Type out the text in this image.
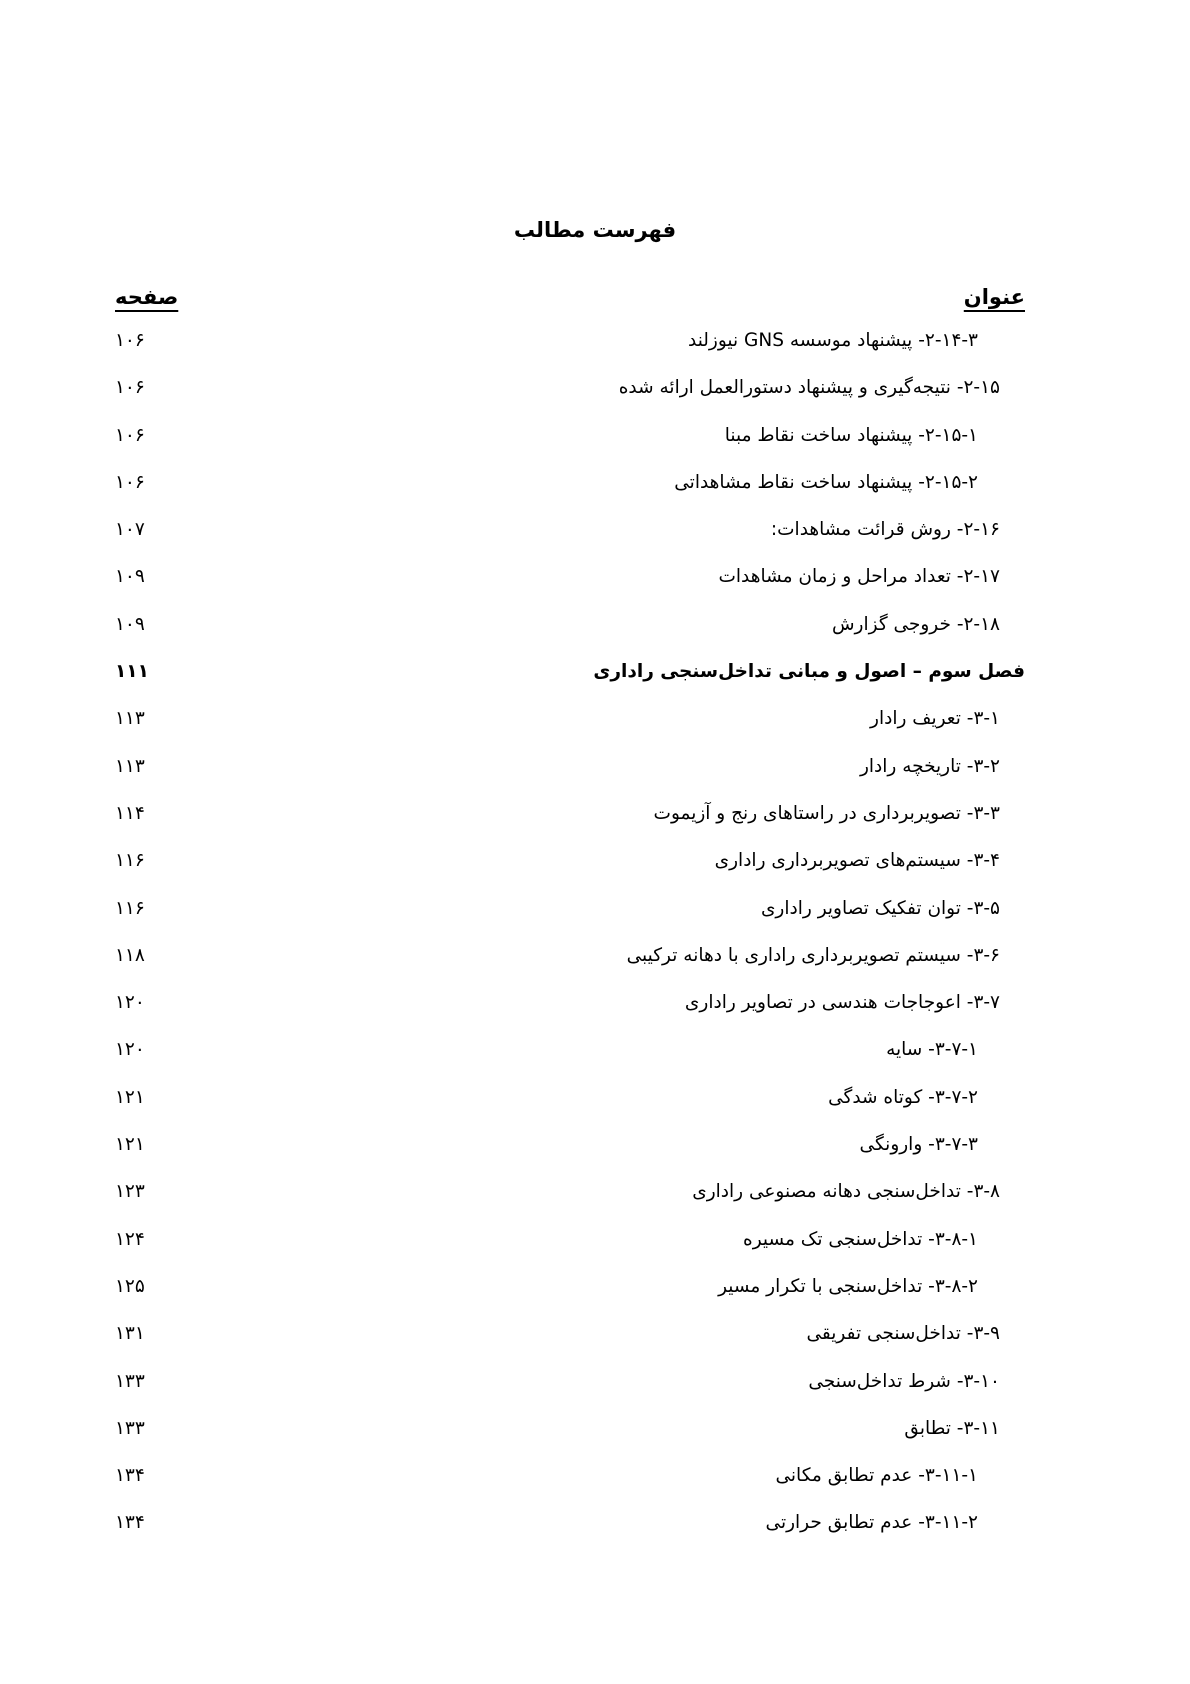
فهرست مطالب
عنوان
صفحه
۲-۱۴-۳- پیشنهاد موسسه GNS نیوزلند
۱۰۶
۲-۱۵- نتیجه‌گیری و پیشنهاد دستورالعمل ارائه شده
۱۰۶
۲-۱۵-۱- پیشنهاد ساخت نقاط مبنا
۱۰۶
۲-۱۵-۲- پیشنهاد ساخت نقاط مشاهداتی
۱۰۶
۲-۱۶- روش قرائت مشاهدات:
۱۰۷
۲-۱۷- تعداد مراحل و زمان مشاهدات
۱۰۹
۲-۱۸- خروجی گزارش
۱۰۹
فصل سوم – اصول و مبانی تداخل‌سنجی راداری
۱۱۱
۳-۱- تعریف رادار
۱۱۳
۳-۲- تاریخچه رادار
۱۱۳
۳-۳- تصویربرداری در راستاهای رنج و آزیموت
۱۱۴
۳-۴- سیستم‌های تصویربرداری راداری
۱۱۶
۳-۵- توان تفکیک تصاویر راداری
۱۱۶
۳-۶- سیستم تصویربرداری راداری با دهانه ترکیبی
۱۱۸
۳-۷- اعوجاجات هندسی در تصاویر راداری
۱۲۰
۳-۷-۱- سایه
۱۲۰
۳-۷-۲- کوتاه شدگی
۱۲۱
۳-۷-۳- وارونگی
۱۲۱
۳-۸- تداخل‌سنجی دهانه مصنوعی راداری
۱۲۳
۳-۸-۱- تداخل‌سنجی تک مسیره
۱۲۴
۳-۸-۲- تداخل‌سنجی با تکرار مسیر
۱۲۵
۳-۹- تداخل‌سنجی تفریقی
۱۳۱
۳-۱۰- شرط تداخل‌سنجی
۱۳۳
۳-۱۱- تطابق
۱۳۳
۳-۱۱-۱- عدم تطابق مکانی
۱۳۴
۳-۱۱-۲- عدم تطابق حرارتی
۱۳۴
